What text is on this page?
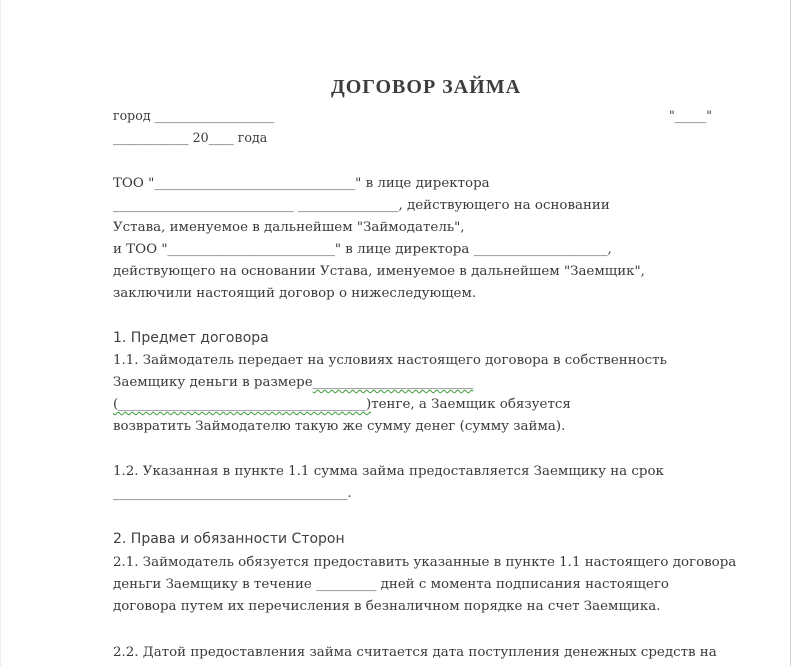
ДОГОВОР ЗАЙМА
город ___________________	"_____"
____________ 20____ года
ТОО "______________________________" в лице директора
___________________________ _______________, действующего на основании
Устава, именуемое в дальнейшем "Займодатель",
и ТОО "_________________________" в лице директора ____________________,
действующего на основании Устава, именуемое в дальнейшем "Заемщик",
заключили настоящий договор о нижеследующем.
1. Предмет договора
1.1. Займодатель передает на условиях настоящего договора в собственность
Заемщику деньги в размере________________________
(_____________________________________)тенге, а Заемщик обязуется
возвратить Займодателю такую же сумму денег (сумму займа).
1.2. Указанная в пункте 1.1 сумма займа предоставляется Заемщику на срок
___________________________________.
2. Права и обязанности Сторон
2.1. Займодатель обязуется предоставить указанные в пункте 1.1 настоящего договора
деньги Заемщику в течение _________ дней с момента подписания настоящего
договора путем их перечисления в безналичном порядке на счет Заемщика.
2.2. Датой предоставления займа считается дата поступления денежных средств на
